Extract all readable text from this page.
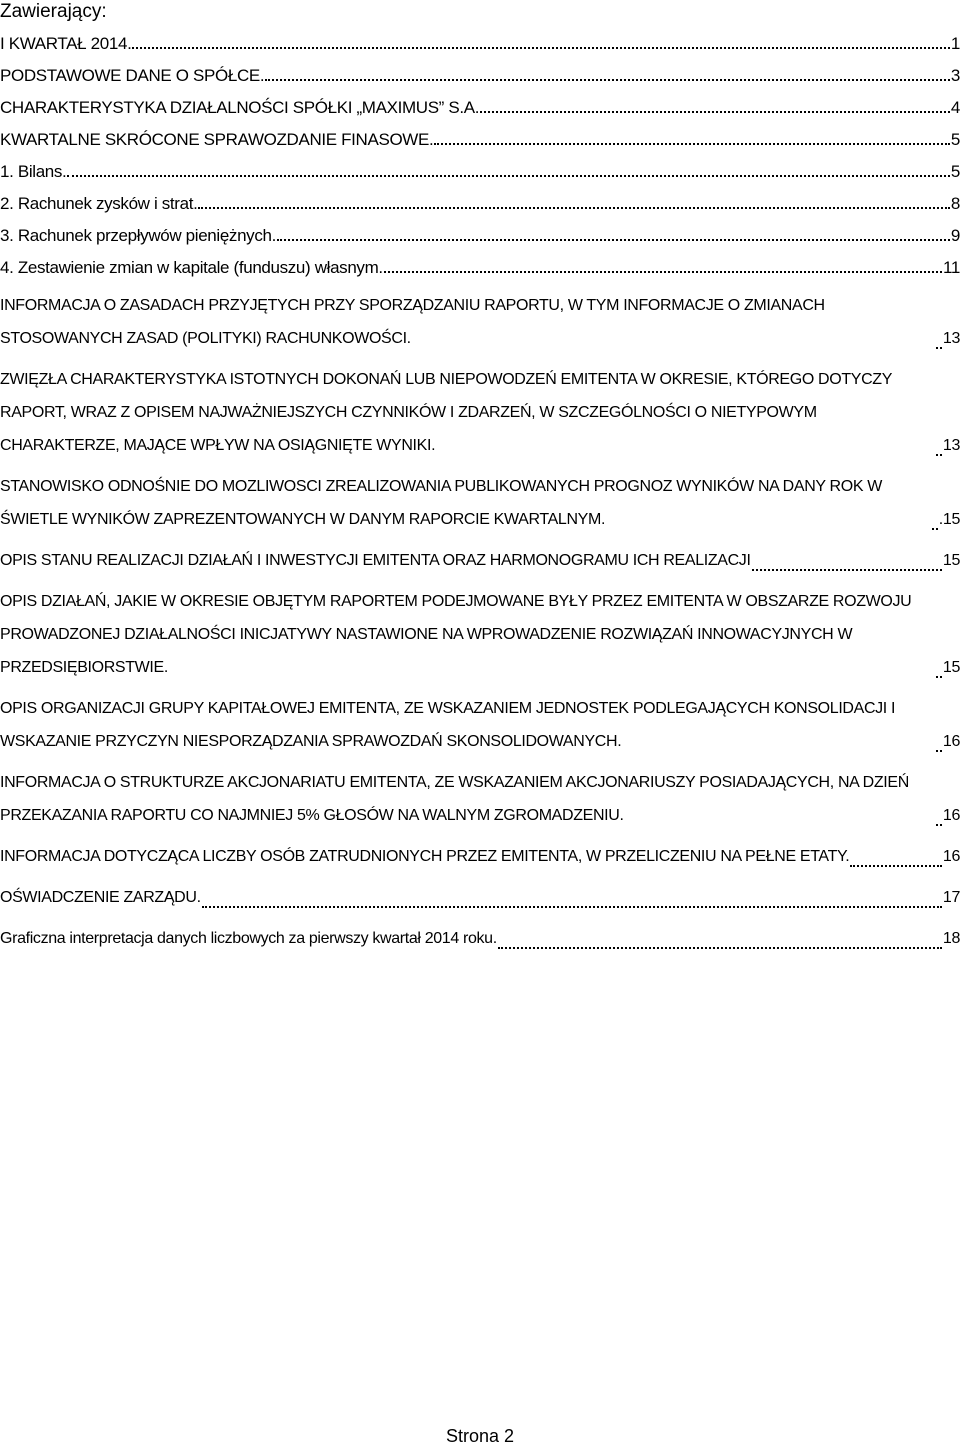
Zawierający:
I KWARTAŁ 2014.	1
PODSTAWOWE DANE O SPÓŁCE.	3
CHARAKTERYSTYKA DZIAŁALNOŚCI SPÓŁKI „MAXIMUS” S.A.	4
KWARTALNE SKRÓCONE SPRAWOZDANIE FINASOWE.	5
1. Bilans.	5
2. Rachunek zysków i strat.	8
3. Rachunek przepływów pieniężnych.	9
4. Zestawienie zmian w kapitale (funduszu) własnym.	11
INFORMACJA O ZASADACH PRZYJĘTYCH PRZY SPORZĄDZANIU RAPORTU, W TYM INFORMACJE O ZMIANACH STOSOWANYCH ZASAD (POLITYKI) RACHUNKOWOŚCI.	13
ZWIĘZŁA CHARAKTERYSTYKA ISTOTNYCH DOKONAŃ LUB NIEPOWODZEŃ EMITENTA W OKRESIE, KTÓREGO DOTYCZY RAPORT, WRAZ Z OPISEM NAJWAŻNIEJSZYCH CZYNNIKÓW I ZDARZEŃ, W SZCZEGÓLNOŚCI O NIETYPOWYM CHARAKTERZE, MAJĄCE WPŁYW NA OSIĄGNIĘTE WYNIKI.	13
STANOWISKO ODNOŚNIE DO MOZLIWOSCI ZREALIZOWANIA PUBLIKOWANYCH PROGNOZ WYNIKÓW NA DANY ROK W ŚWIETLE WYNIKÓW ZAPREZENTOWANYCH W DANYM RAPORCIE KWARTALNYM.	.15
OPIS STANU REALIZACJI DZIAŁAŃ I INWESTYCJI EMITENTA ORAZ HARMONOGRAMU ICH REALIZACJI	15
OPIS DZIAŁAŃ, JAKIE W OKRESIE OBJĘTYM RAPORTEM PODEJMOWANE BYŁY PRZEZ EMITENTA W OBSZARZE ROZWOJU PROWADZONEJ DZIAŁALNOŚCI INICJATYWY NASTAWIONE NA WPROWADZENIE ROZWIĄZAŃ INNOWACYJNYCH W PRZEDSIĘBIORSTWIE.	15
OPIS ORGANIZACJI GRUPY KAPITAŁOWEJ EMITENTA, ZE WSKAZANIEM JEDNOSTEK PODLEGAJĄCYCH KONSOLIDACJI I WSKAZANIE PRZYCZYN NIESPORZĄDZANIA SPRAWOZDAŃ SKONSOLIDOWANYCH.	16
INFORMACJA O STRUKTURZE AKCJONARIATU EMITENTA, ZE WSKAZANIEM AKCJONARIUSZY POSIADAJĄCYCH, NA DZIEŃ PRZEKAZANIA RAPORTU CO NAJMNIEJ 5% GŁOSÓW NA WALNYM ZGROMADZENIU.	16
INFORMACJA DOTYCZĄCA LICZBY OSÓB ZATRUDNIONYCH PRZEZ EMITENTA, W PRZELICZENIU NA PEŁNE ETATY.	16
OŚWIADCZENIE ZARZĄDU.	17
Graficzna interpretacja danych liczbowych za pierwszy kwartał 2014 roku.	18
Strona 2
